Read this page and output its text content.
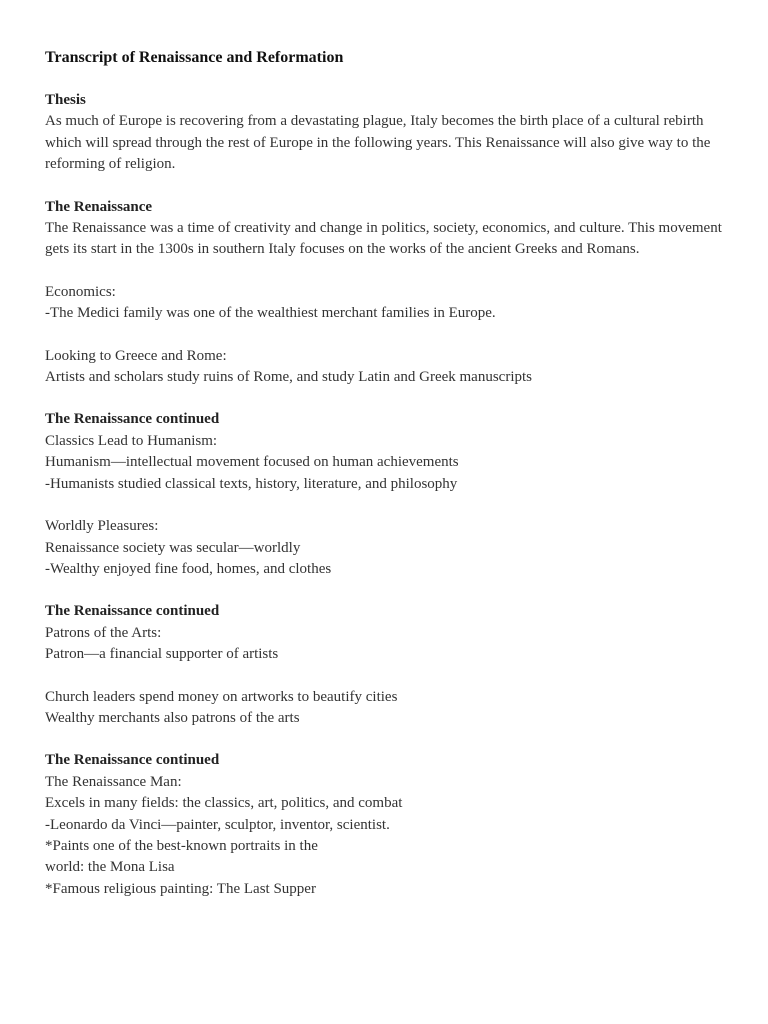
Transcript of Renaissance and Reformation
Thesis

As much of Europe is recovering from a devastating plague, Italy becomes the birth place of a cultural rebirth which will spread through the rest of Europe in the following years. This Renaissance will also give way to the reforming of religion.

The Renaissance

The Renaissance was a time of creativity and change in politics, society, economics, and culture. This movement gets its start in the 1300s in southern Italy focuses on the works of the ancient Greeks and Romans.

Economics:
-The Medici family was one of the wealthiest merchant families in Europe.
Looking to Greece and Rome:
Artists and scholars study ruins of Rome, and study Latin and Greek manuscripts
The Renaissance continued
Classics Lead to Humanism:
Humanism—intellectual movement focused on human achievements
-Humanists studied classical texts, history, literature, and philosophy
Worldly Pleasures:
Renaissance society was secular—worldly
-Wealthy enjoyed fine food, homes, and clothes
The Renaissance continued
Patrons of the Arts:
Patron—a financial supporter of artists
Church leaders spend money on artworks to beautify cities
Wealthy merchants also patrons of the arts
The Renaissance continued
The Renaissance Man:
Excels in many fields: the classics, art, politics, and combat
-Leonardo da Vinci—painter, sculptor, inventor, scientist.
*Paints one of the best-known portraits in the
world: the Mona Lisa
*Famous religious painting: The Last Supper
